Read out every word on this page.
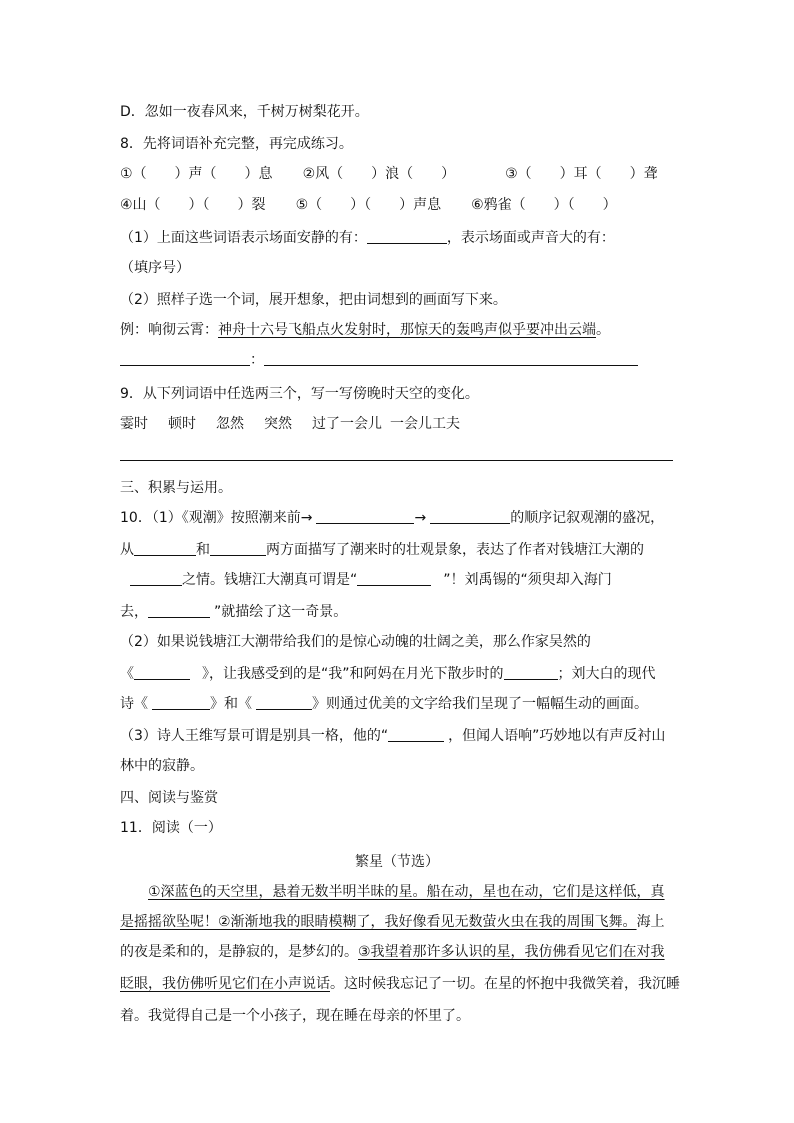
D．忽如一夜春风来，千树万树梨花开。
8．先将词语补充完整，再完成练习。
①（　　）声（　　）息 ②风（　　）浪（　　）	③（　　）耳（　　）聋
④山（　　）（　　）裂 ⑤（　　）（　　）声息 ⑥鸦雀（　　）（　　）
（1）上面这些词语表示场面安静的有：	，表示场面或声音大的有：
（填序号）
（2）照样子选一个词，展开想象，把由词想到的画面写下来。
例：响彻云霄：神舟十六号飞船点火发射时，那惊天的轰鸣声似乎要冲出云端。
：
9．从下列词语中任选两三个，写一写傍晚时天空的变化。
霎时 顿时 忽然 突然 过了一会儿 一会儿工夫
三、积累与运用。
10．（1）《观潮》按照潮来前→	→	的顺序记叙观潮的盛况，
从	和	两方面描写了潮来时的壮观景象，表达了作者对钱塘江大潮的
之情。钱塘江大潮真可谓是“	”！刘禹锡的“须臾却入海门
去，	”就描绘了这一奇景。
（2）如果说钱塘江大潮带给我们的是惊心动魄的壮阔之美，那么作家吴然的
《	》，让我感受到的是“我”和阿妈在月光下散步时的	；刘大白的现代
诗《	》和《	》则通过优美的文字给我们呈现了一幅幅生动的画面。
（3）诗人王维写景可谓是别具一格，他的“	，但闻人语响”巧妙地以有声反衬山
林中的寂静。
四、阅读与鉴赏
11．阅读（一）
繁星（节选）
①深蓝色的天空里，悬着无数半明半昧的星。船在动，星也在动，它们是这样低，真
是摇摇欲坠呢！②渐渐地我的眼睛模糊了，我好像看见无数萤火虫在我的周围飞舞。海上
的夜是柔和的，是静寂的，是梦幻的。③我望着那许多认识的星，我仿佛看见它们在对我
眨眼，我仿佛听见它们在小声说话。这时候我忘记了一切。在星的怀抱中我微笑着，我沉睡
着。我觉得自己是一个小孩子，现在睡在母亲的怀里了。
